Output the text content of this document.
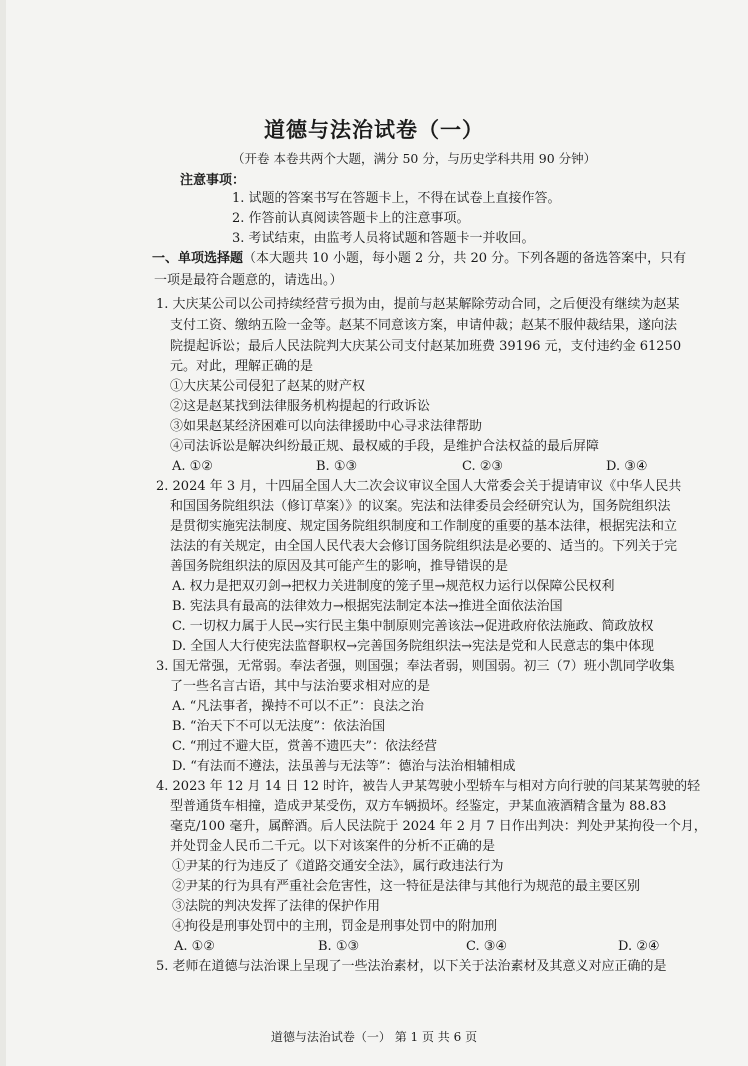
道德与法治试卷（一）
（开卷 本卷共两个大题，满分 50 分，与历史学科共用 90 分钟）
注意事项：
1. 试题的答案书写在答题卡上，不得在试卷上直接作答。
2. 作答前认真阅读答题卡上的注意事项。
3. 考试结束，由监考人员将试题和答题卡一并收回。
一、单项选择题（本大题共 10 小题，每小题 2 分，共 20 分。下列各题的备选答案中，只有
一项是最符合题意的，请选出。）
1. 大庆某公司以公司持续经营亏损为由，提前与赵某解除劳动合同，之后便没有继续为赵某
支付工资、缴纳五险一金等。赵某不同意该方案，申请仲裁；赵某不服仲裁结果，遂向法
院提起诉讼；最后人民法院判大庆某公司支付赵某加班费 39196 元，支付违约金 61250
元。对此，理解正确的是
①大庆某公司侵犯了赵某的财产权
②这是赵某找到法律服务机构提起的行政诉讼
③如果赵某经济困难可以向法律援助中心寻求法律帮助
④司法诉讼是解决纠纷最正规、最权威的手段，是维护合法权益的最后屏障
A. ①②	B. ①③	C. ②③	D. ③④
2. 2024 年 3 月，十四届全国人大二次会议审议全国人大常委会关于提请审议《中华人民共
和国国务院组织法（修订草案）》的议案。宪法和法律委员会经研究认为，国务院组织法
是贯彻实施宪法制度、规定国务院组织制度和工作制度的重要的基本法律，根据宪法和立
法法的有关规定，由全国人民代表大会修订国务院组织法是必要的、适当的。下列关于完
善国务院组织法的原因及其可能产生的影响，推导错误的是
A. 权力是把双刃剑→把权力关进制度的笼子里→规范权力运行以保障公民权利
B. 宪法具有最高的法律效力→根据宪法制定本法→推进全面依法治国
C. 一切权力属于人民→实行民主集中制原则完善该法→促进政府依法施政、简政放权
D. 全国人大行使宪法监督职权→完善国务院组织法→宪法是党和人民意志的集中体现
3. 国无常强，无常弱。奉法者强，则国强；奉法者弱，则国弱。初三（7）班小凯同学收集
了一些名言古语，其中与法治要求相对应的是
A. “凡法事者，操持不可以不正”：良法之治
B. “治天下不可以无法度”：依法治国
C. “刑过不避大臣，赏善不遗匹夫”：依法经营
D. “有法而不遵法，法虽善与无法等”：德治与法治相辅相成
4. 2023 年 12 月 14 日 12 时许，被告人尹某驾驶小型轿车与相对方向行驶的闫某某驾驶的轻
型普通货车相撞，造成尹某受伤，双方车辆损坏。经鉴定，尹某血液酒精含量为 88.83
毫克/100 毫升，属醉酒。后人民法院于 2024 年 2 月 7 日作出判决：判处尹某拘役一个月，
并处罚金人民币二千元。以下对该案件的分析不正确的是
①尹某的行为违反了《道路交通安全法》，属行政违法行为
②尹某的行为具有严重社会危害性，这一特征是法律与其他行为规范的最主要区别
③法院的判决发挥了法律的保护作用
④拘役是刑事处罚中的主刑，罚金是刑事处罚中的附加刑
A. ①②	B. ①③	C. ③④	D. ②④
5. 老师在道德与法治课上呈现了一些法治素材，以下关于法治素材及其意义对应正确的是
道德与法治试卷（一） 第 1 页 共 6 页
